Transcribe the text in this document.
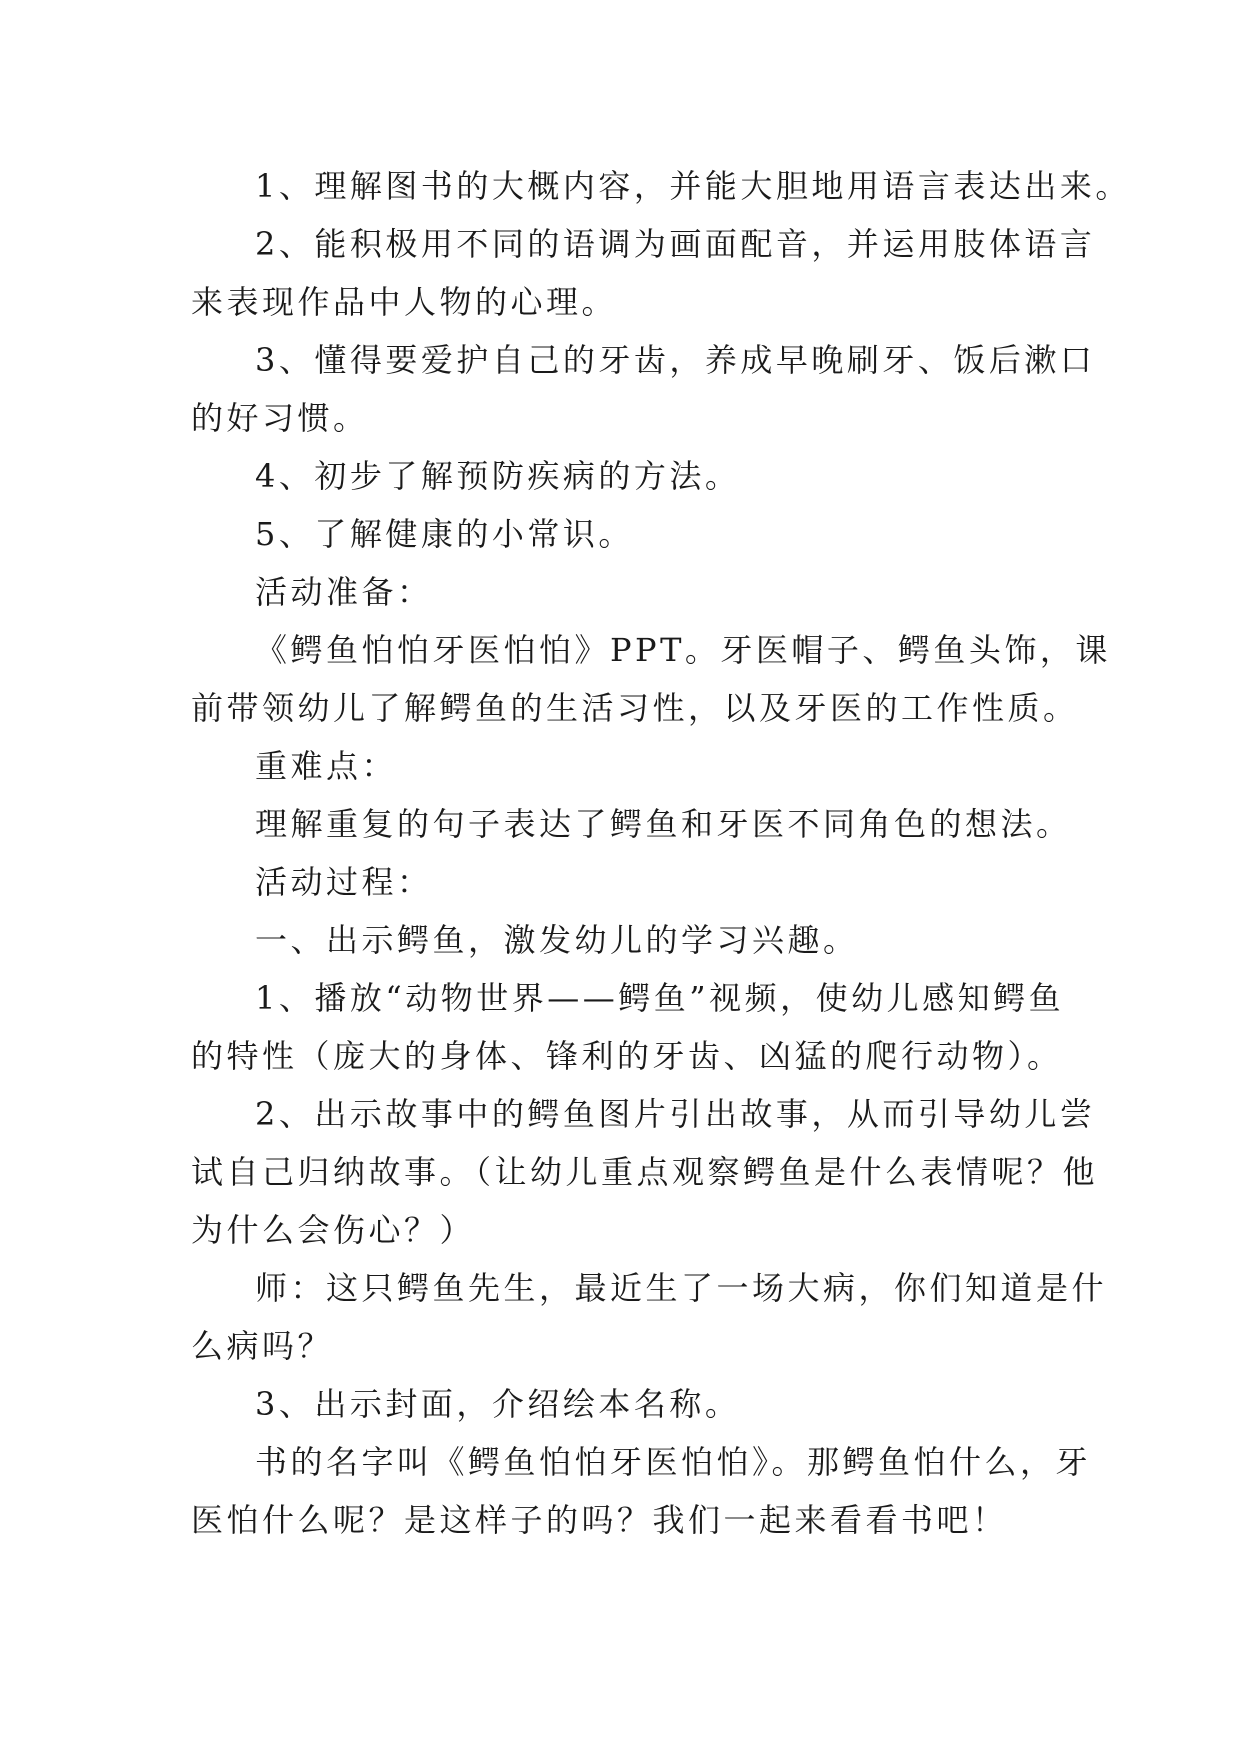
1、理解图书的大概内容，并能大胆地用语言表达出来。

2、能积极用不同的语调为画面配音，并运用肢体语言
来表现作品中人物的心理。

3、懂得要爱护自己的牙齿，养成早晚刷牙、饭后漱口
的好习惯。

4、初步了解预防疾病的方法。

5、了解健康的小常识。

活动准备：

《鳄鱼怕怕牙医怕怕》PPT。牙医帽子、鳄鱼头饰，课
前带领幼儿了解鳄鱼的生活习性，以及牙医的工作性质。

重难点：

理解重复的句子表达了鳄鱼和牙医不同角色的想法。

活动过程：

一、出示鳄鱼，激发幼儿的学习兴趣。

1、播放“动物世界——鳄鱼”视频，使幼儿感知鳄鱼
的特性（庞大的身体、锋利的牙齿、凶猛的爬行动物）。

2、出示故事中的鳄鱼图片引出故事，从而引导幼儿尝
试自己归纳故事。（让幼儿重点观察鳄鱼是什么表情呢？他
为什么会伤心？）

师：这只鳄鱼先生，最近生了一场大病，你们知道是什
么病吗？

3、出示封面，介绍绘本名称。

书的名字叫《鳄鱼怕怕牙医怕怕》。那鳄鱼怕什么，牙
医怕什么呢？是这样子的吗？我们一起来看看书吧！
